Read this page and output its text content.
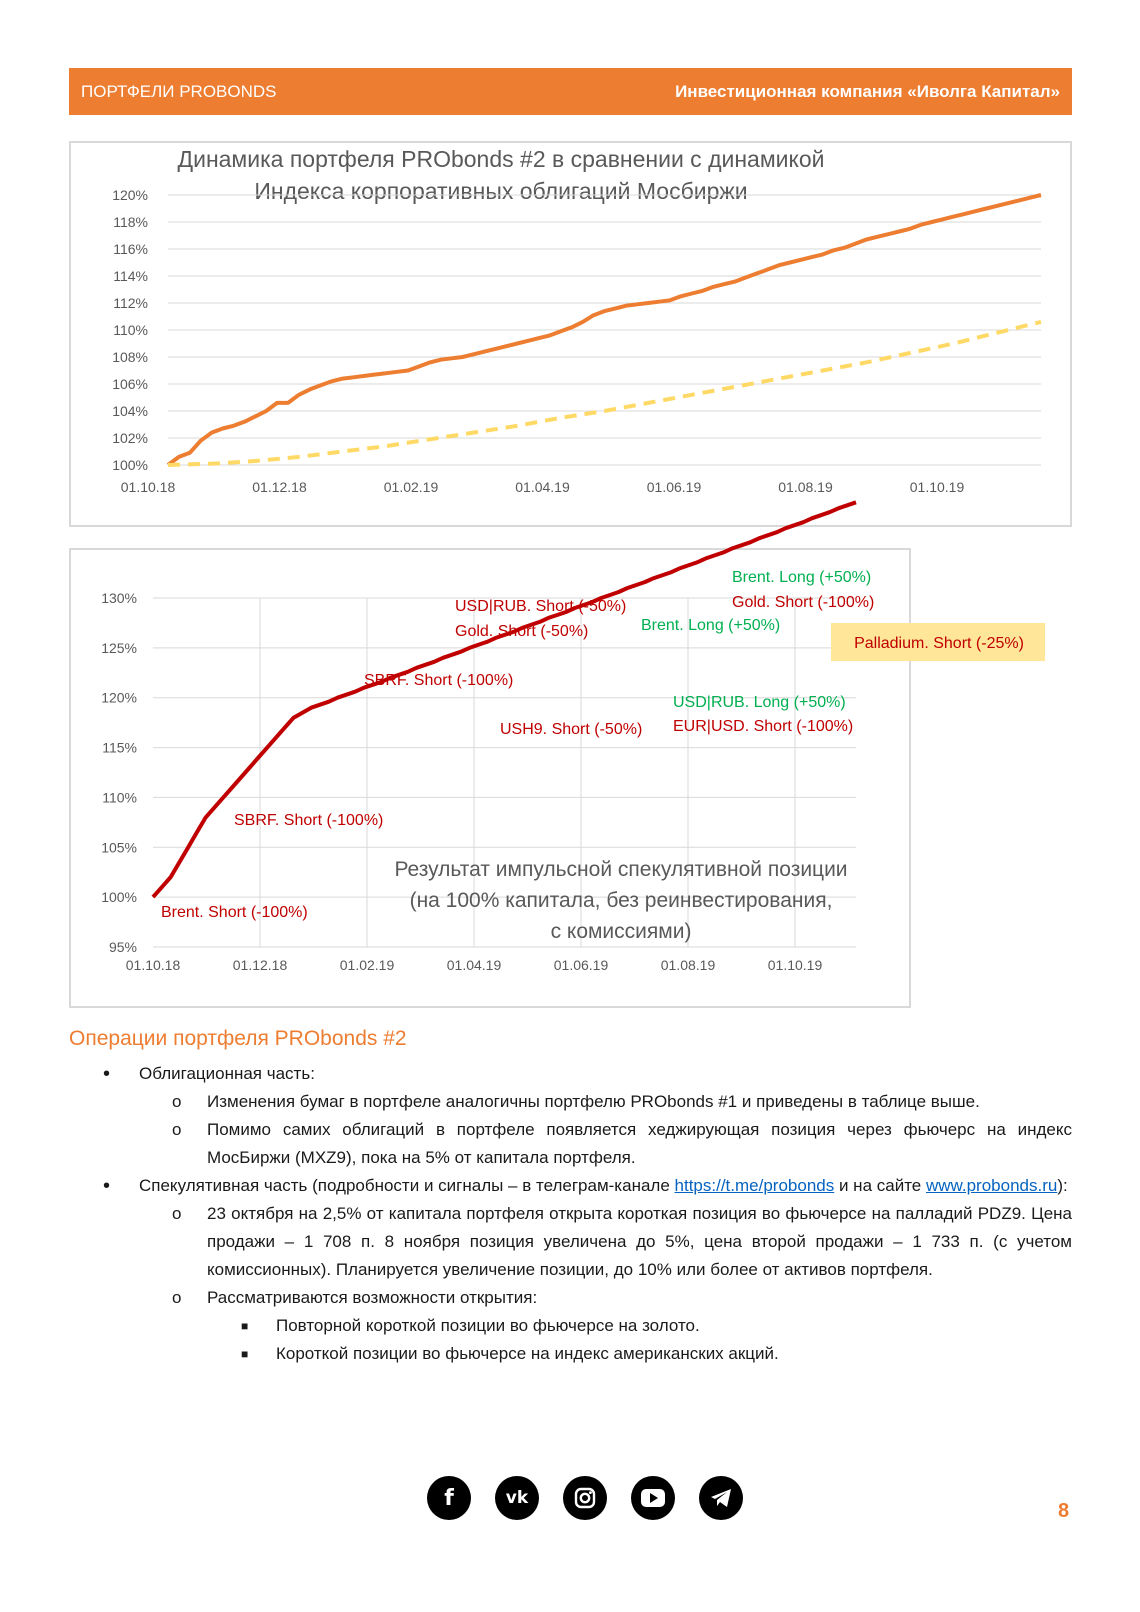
ПОРТФЕЛИ PROBONDS	Инвестиционная компания «Иволга Капитал»
Динамика портфеля PRObonds #2 в сравнении с динамикой
Индекса корпоративных облигаций Мосбиржи
100%
102%
104%
106%
108%
110%
112%
114%
116%
118%
120%
01.10.18	01.12.18	01.02.19	01.04.19	01.06.19	01.08.19	01.10.19
95%
100%
105%
110%
115%
120%
125%
130%
01.10.18	01.12.18	01.02.19	01.04.19	01.06.19	01.08.19	01.10.19
Результат импульсной спекулятивной позиции
(на 100% капитала, без реинвестирования,
с комиссиями)
Brent. Short (-100%)
SBRF. Short (-100%)
SBRF. Short (-100%)
USD|RUB. Short (-50%)
Gold. Short (-50%)
USH9. Short (-50%)
Brent. Long (+50%)
Brent. Long (+50%)
Gold. Short (-100%)
USD|RUB. Long (+50%)
EUR|USD. Short (-100%)
Palladium. Short (-25%)
Операции портфеля PRObonds #2
• Облигационная часть:
o Изменения бумаг в портфеле аналогичны портфелю PRObonds #1 и приведены в таблице выше.
o Помимо самих облигаций в портфеле появляется хеджирующая позиция через фьючерс на индекс МосБиржи (MXZ9), пока на 5% от капитала портфеля.
• Спекулятивная часть (подробности и сигналы – в телеграм-канале https://t.me/probonds и на сайте www.probonds.ru):
o 23 октября на 2,5% от капитала портфеля открыта короткая позиция во фьючерсе на палладий PDZ9. Цена продажи – 1 708 п. 8 ноября позиция увеличена до 5%, цена второй продажи – 1 733 п. (с учетом комиссионных). Планируется увеличение позиции, до 10% или более от активов портфеля.
o Рассматриваются возможности открытия:
■ Повторной короткой позиции во фьючерсе на золото.
■ Короткой позиции во фьючерсе на индекс американских акций.
f	vk
8
